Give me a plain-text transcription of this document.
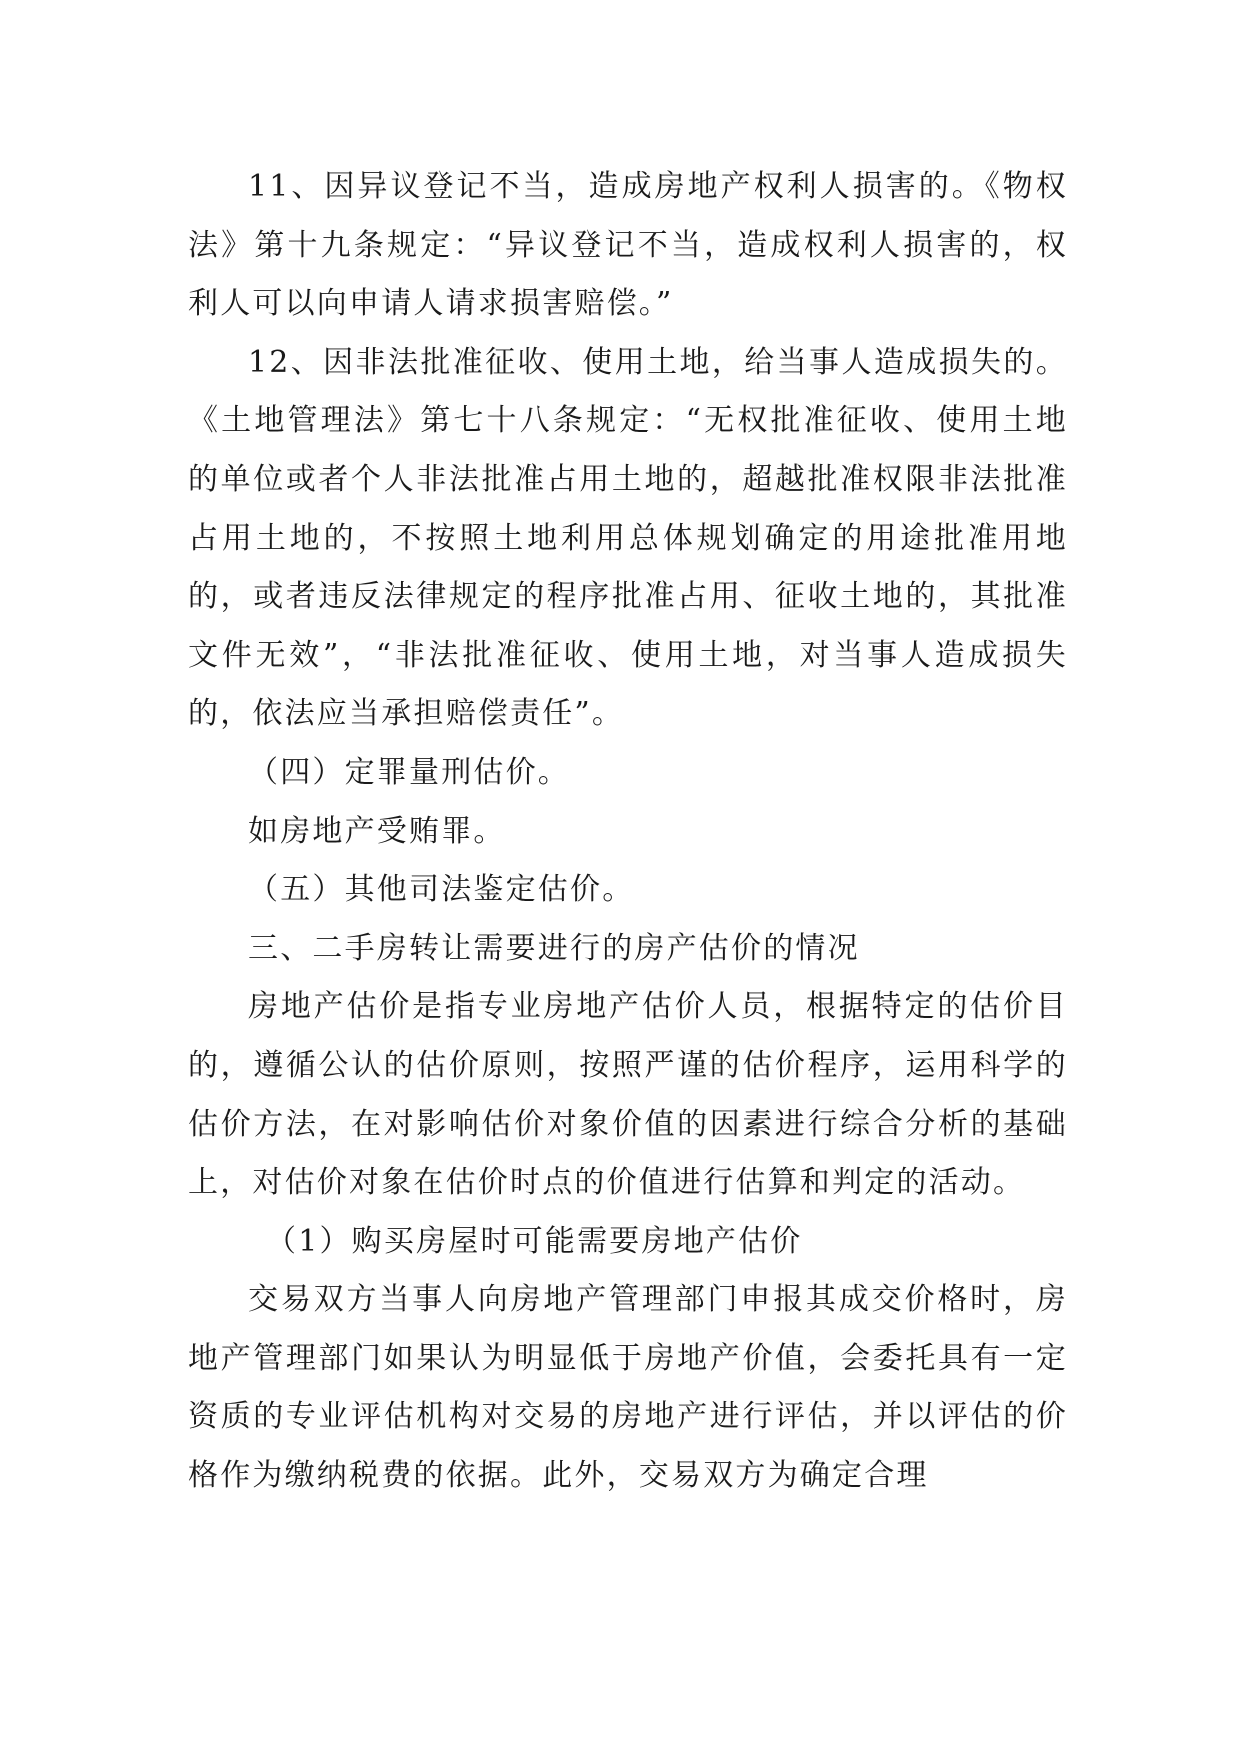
11、因异议登记不当，造成房地产权利人损害的。《物权法》第十九条规定：“异议登记不当，造成权利人损害的，权利人可以向申请人请求损害赔偿。”

12、因非法批准征收、使用土地，给当事人造成损失的。《土地管理法》第七十八条规定：“无权批准征收、使用土地的单位或者个人非法批准占用土地的，超越批准权限非法批准占用土地的，不按照土地利用总体规划确定的用途批准用地的，或者违反法律规定的程序批准占用、征收土地的，其批准文件无效”，“非法批准征收、使用土地，对当事人造成损失的，依法应当承担赔偿责任”。

（四）定罪量刑估价。

如房地产受贿罪。

（五）其他司法鉴定估价。

三、二手房转让需要进行的房产估价的情况

房地产估价是指专业房地产估价人员，根据特定的估价目的，遵循公认的估价原则，按照严谨的估价程序，运用科学的估价方法，在对影响估价对象价值的因素进行综合分析的基础上，对估价对象在估价时点的价值进行估算和判定的活动。

（1）购买房屋时可能需要房地产估价

交易双方当事人向房地产管理部门申报其成交价格时，房地产管理部门如果认为明显低于房地产价值，会委托具有一定资质的专业评估机构对交易的房地产进行评估，并以评估的价格作为缴纳税费的依据。此外，交易双方为确定合理
